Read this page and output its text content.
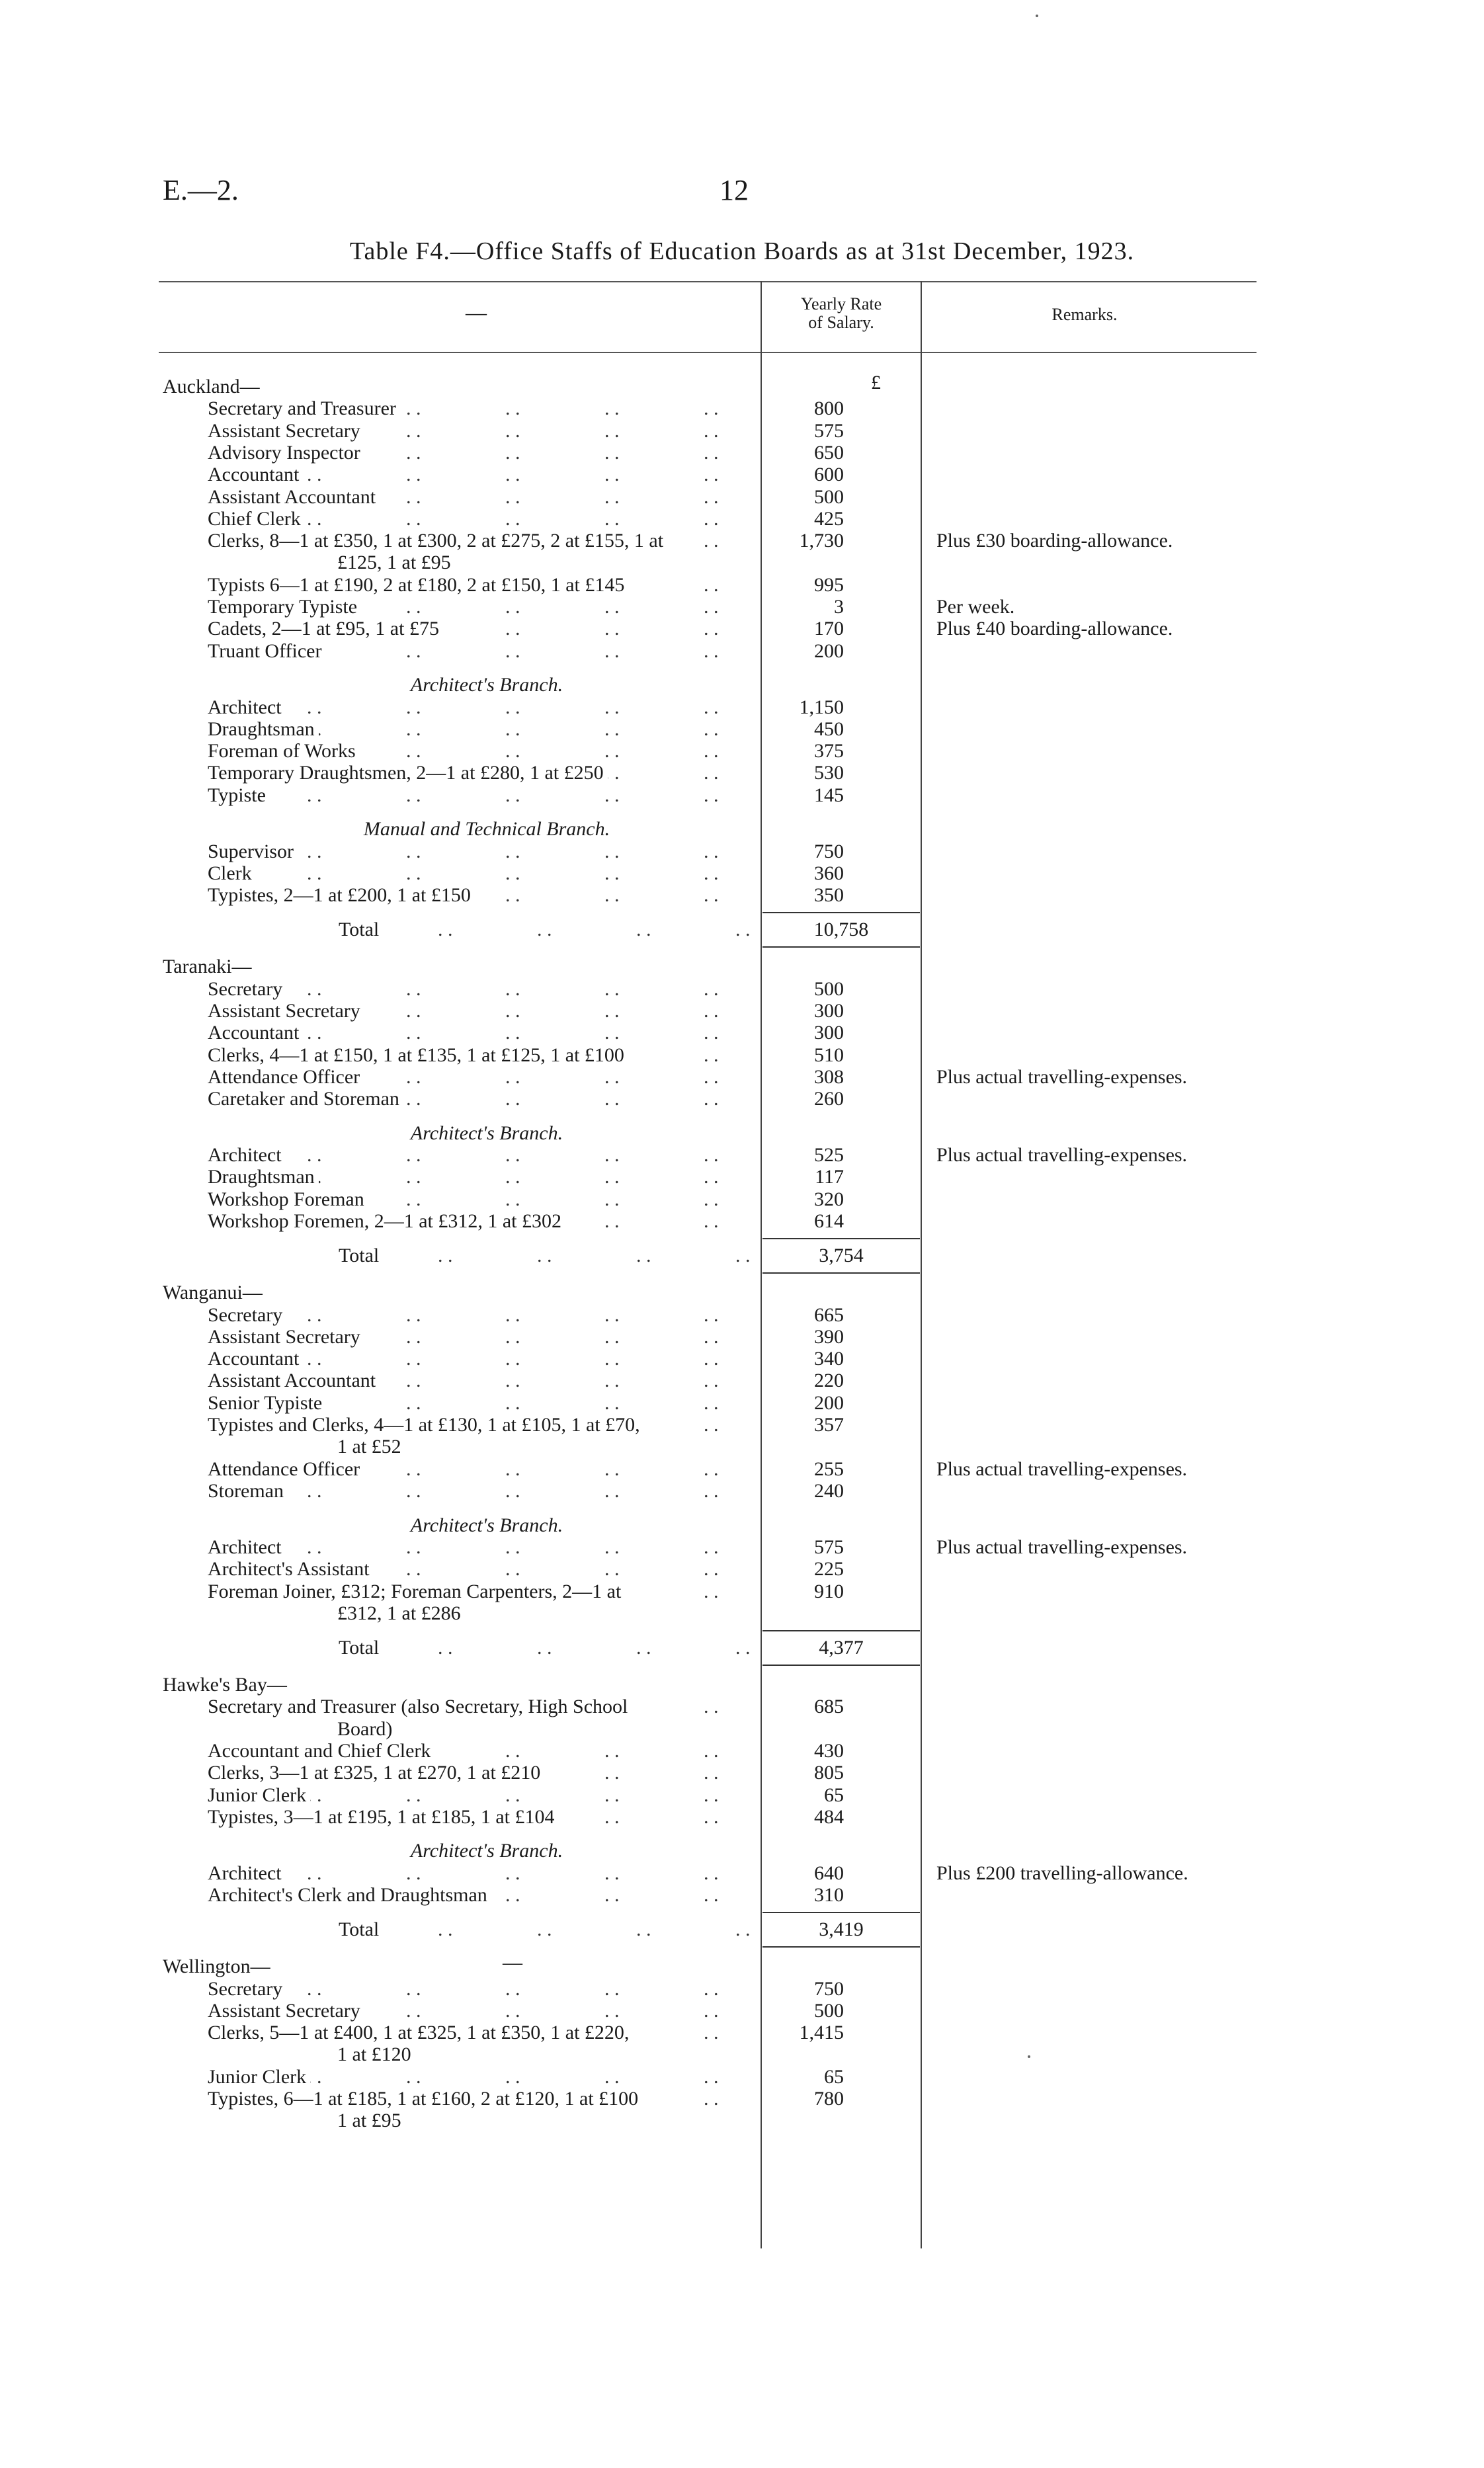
E.—2.	12
Table F4.—Office Staffs of Education Boards as at 31st December, 1923.
—	Yearly Rate
of Salary.	Remarks.
£
Auckland—
. .
Secretary and Treasurer	800
. .
Assistant Secretary	575
. .
Advisory Inspector	650
. .
Accountant	600
. .
Assistant Accountant	500
. .
Chief Clerk	425
. .
Clerks, 8—1 at £350, 1 at £300, 2 at £275, 2 at £155, 1 at
£125, 1 at £95
1,730	Plus £30 boarding-allowance.
. .
Typists 6—1 at £190, 2 at £180, 2 at £150, 1 at £145	995
. .
Temporary Typiste	3	Per week.
. .
Cadets, 2—1 at £95, 1 at £75	170	Plus £40 boarding-allowance.
. .
Truant Officer	200
Architect's Branch.
. .
Architect	1,150
. .
Draughtsman	450
. .
Foreman of Works	375
. .
Temporary Draughtsmen, 2—1 at £280, 1 at £250	530
. .
Typiste	145
Manual and Technical Branch.
. .
Supervisor	750
. .
Clerk	360
. .
Typistes, 2—1 at £200, 1 at £150	350
. .
Total	10,758
Taranaki—
. .
Secretary	500
. .
Assistant Secretary	300
. .
Accountant	300
. .
Clerks, 4—1 at £150, 1 at £135, 1 at £125, 1 at £100	510
. .
Attendance Officer	308	Plus actual travelling-expenses.
. .
Caretaker and Storeman	260
Architect's Branch.
. .
Architect	525	Plus actual travelling-expenses.
. .
Draughtsman	117
. .
Workshop Foreman	320
. .
Workshop Foremen, 2—1 at £312, 1 at £302	614
. .
Total	3,754
Wanganui—
. .
Secretary	665
. .
Assistant Secretary	390
. .
Accountant	340
. .
Assistant Accountant	220
. .
Senior Typiste	200
. .
Typistes and Clerks, 4—1 at £130, 1 at £105, 1 at £70,
1 at £52
357
. .
Attendance Officer	255	Plus actual travelling-expenses.
. .
Storeman	240
Architect's Branch.
. .
Architect	575	Plus actual travelling-expenses.
. .
Architect's Assistant	225
. .
Foreman Joiner, £312; Foreman Carpenters, 2—1 at
£312, 1 at £286
910
. .
Total	4,377
Hawke's Bay—
. .
Secretary and Treasurer (also Secretary, High School
Board)
685
. .
Accountant and Chief Clerk	430
. .
Clerks, 3—1 at £325, 1 at £270, 1 at £210	805
. .
Junior Clerk	65
. .
Typistes, 3—1 at £195, 1 at £185, 1 at £104	484
Architect's Branch.
. .
Architect	640	Plus £200 travelling-allowance.
. .
Architect's Clerk and Draughtsman	310
. .
Total	3,419
Wellington—	—
. .
Secretary	750
. .
Assistant Secretary	500
. .
Clerks, 5—1 at £400, 1 at £325, 1 at £350, 1 at £220,
1 at £120
1,415
. .
Junior Clerk	65
. .
Typistes, 6—1 at £185, 1 at £160, 2 at £120, 1 at £100
1 at £95
780
